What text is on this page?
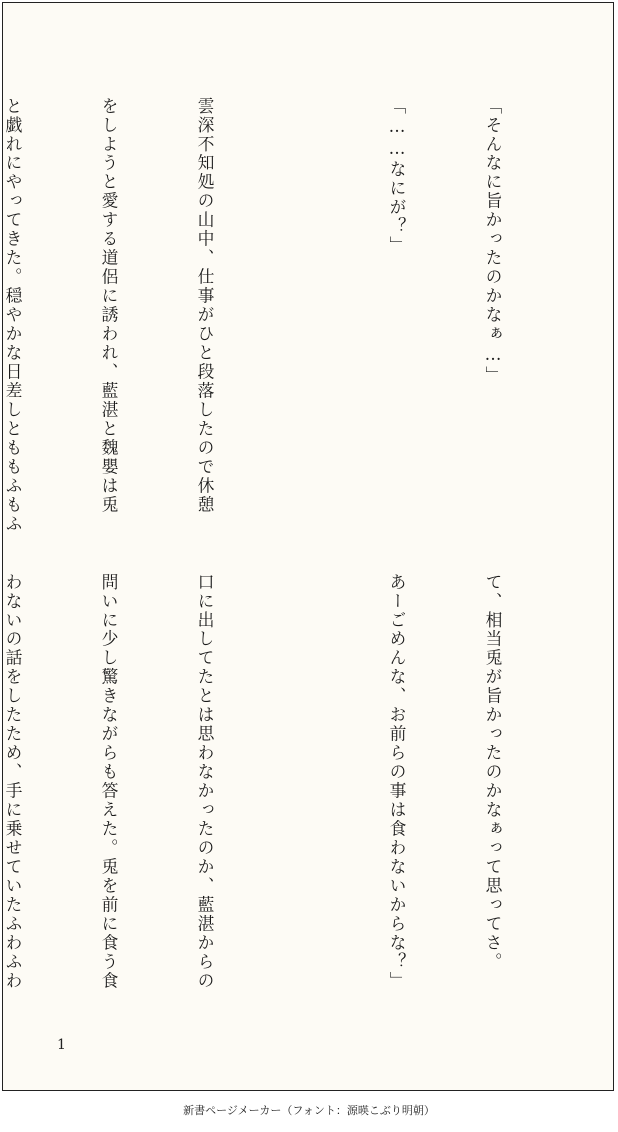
「そんなに旨かったのかなぁ…」

「……なにが？」

雲深不知処の山中、仕事がひと段落したので休憩

をしようと愛する道侶に誘われ、藍湛と魏嬰は兎

と戯れにやってきた。穏やかな日差しとももふもふ

て、相当兎が旨かったのかなぁって思ってさ。

あーごめんな、お前らの事は食わないからな？」

口に出してたとは思わなかったのか、藍湛からの

問いに少し驚きながらも答えた。兎を前に食う食

わないの話をしたため、手に乗せていたふわふわ

1
新書ページメーカー（フォント：源暎こぶり明朝）
